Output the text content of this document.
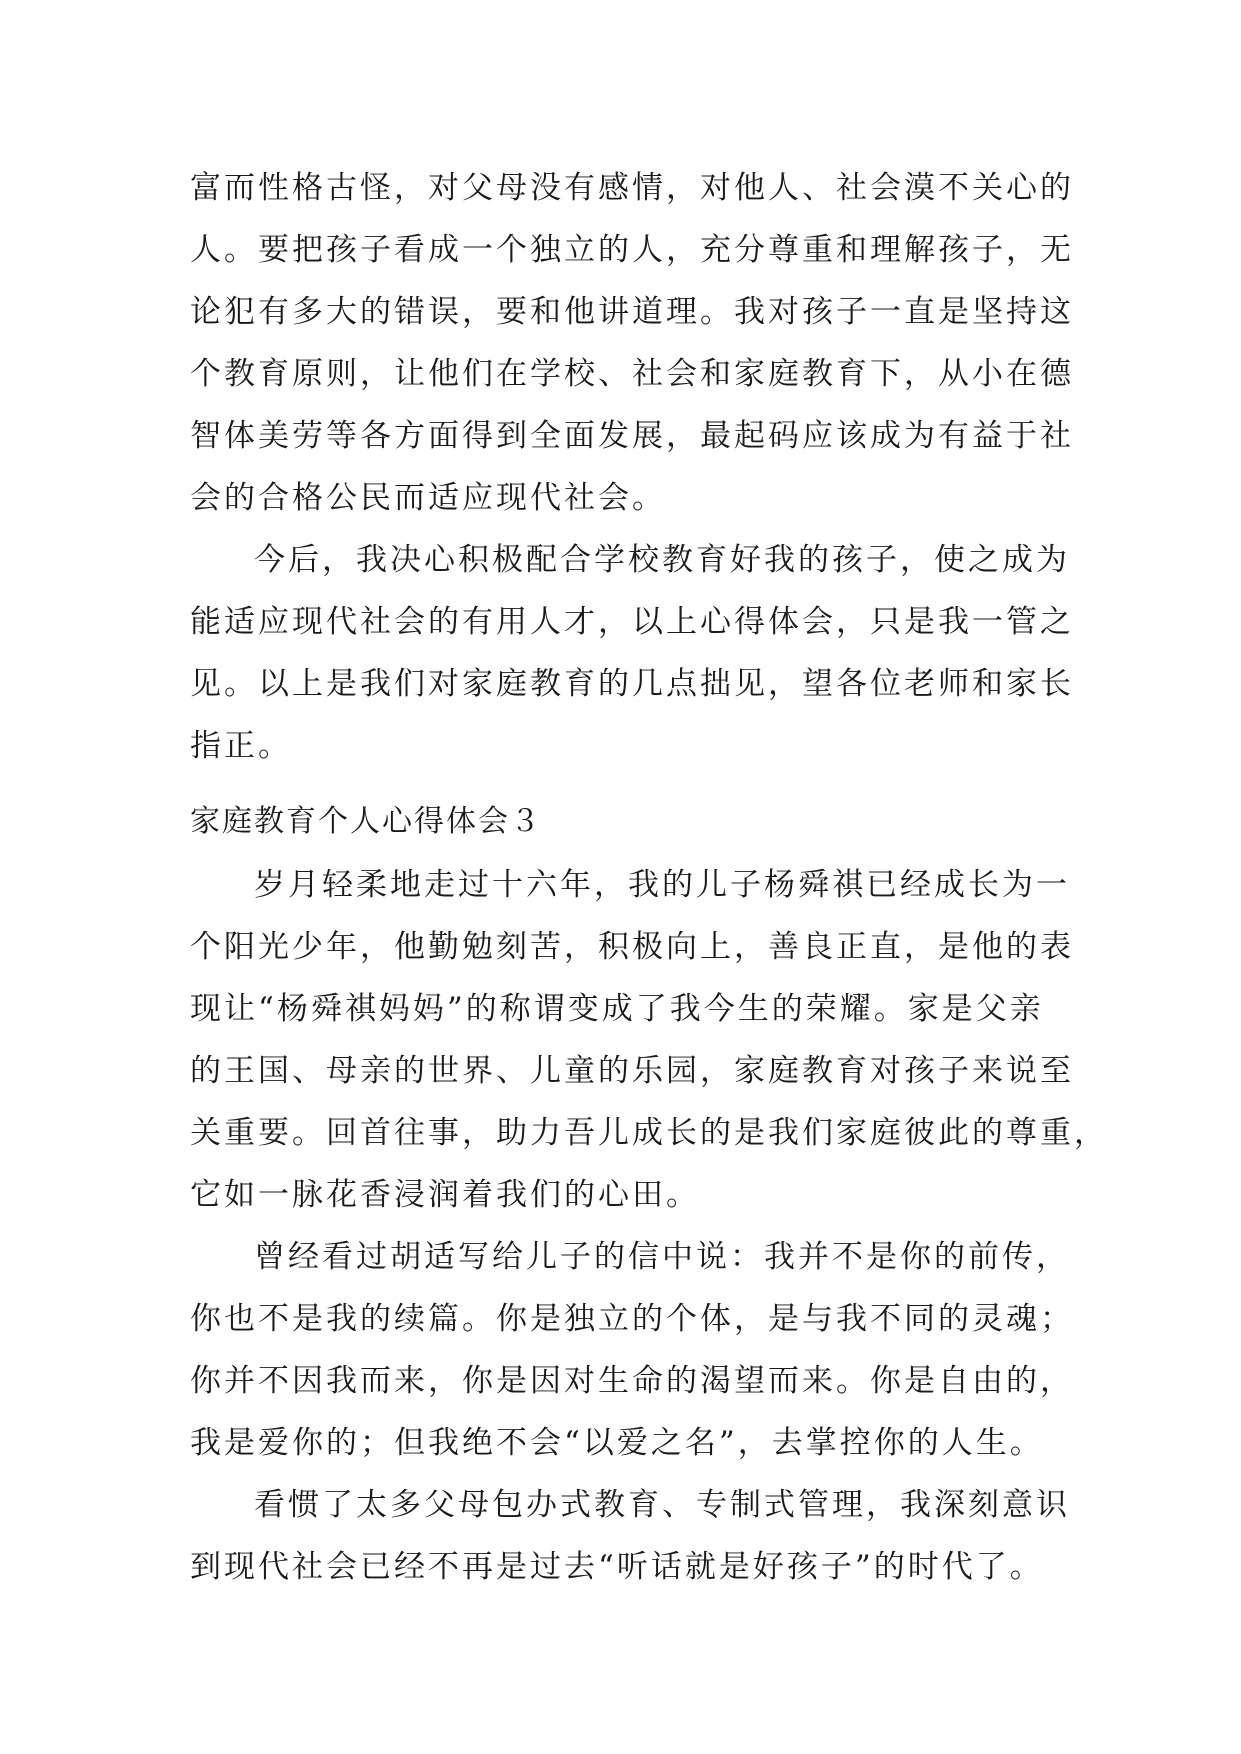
富而性格古怪，对父母没有感情，对他人、社会漠不关心的
人。要把孩子看成一个独立的人，充分尊重和理解孩子，无
论犯有多大的错误，要和他讲道理。我对孩子一直是坚持这
个教育原则，让他们在学校、社会和家庭教育下，从小在德
智体美劳等各方面得到全面发展，最起码应该成为有益于社
会的合格公民而适应现代社会。
今后，我决心积极配合学校教育好我的孩子，使之成为
能适应现代社会的有用人才，以上心得体会，只是我一管之
见。以上是我们对家庭教育的几点拙见，望各位老师和家长
指正。
家庭教育个人心得体会３
岁月轻柔地走过十六年，我的儿子杨舜祺已经成长为一
个阳光少年，他勤勉刻苦，积极向上，善良正直，是他的表
现让“杨舜祺妈妈”的称谓变成了我今生的荣耀。家是父亲
的王国、母亲的世界、儿童的乐园，家庭教育对孩子来说至
关重要。回首往事，助力吾儿成长的是我们家庭彼此的尊重，
它如一脉花香浸润着我们的心田。
曾经看过胡适写给儿子的信中说：我并不是你的前传，
你也不是我的续篇。你是独立的个体，是与我不同的灵魂；
你并不因我而来，你是因对生命的渴望而来。你是自由的，
我是爱你的；但我绝不会“以爱之名”，去掌控你的人生。
看惯了太多父母包办式教育、专制式管理，我深刻意识
到现代社会已经不再是过去“听话就是好孩子”的时代了。
